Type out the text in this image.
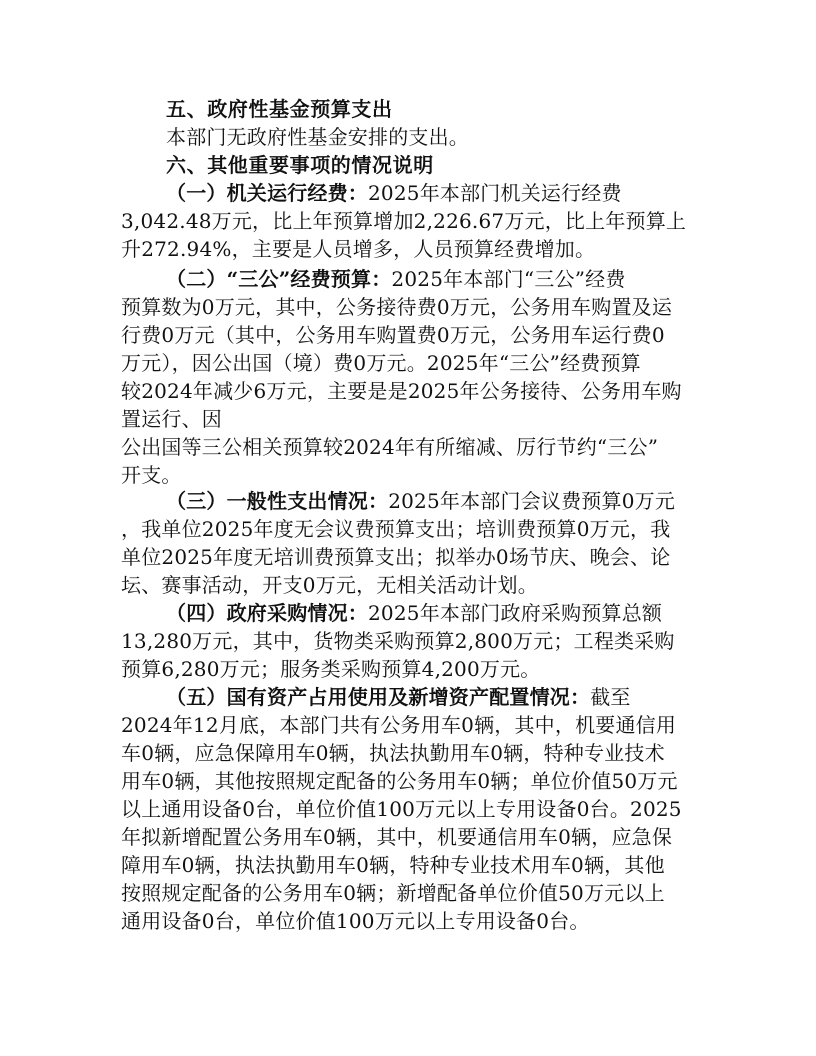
五、政府性基金预算支出
本部门无政府性基金安排的支出。
六、其他重要事项的情况说明
（一）机关运行经费：2025年本部门机关运行经费
3,042.48万元，比上年预算增加2,226.67万元，比上年预算上
升272.94%，主要是人员增多，人员预算经费增加。
（二）“三公”经费预算：2025年本部门“三公”经费
预算数为0万元，其中，公务接待费0万元，公务用车购置及运
行费0万元（其中，公务用车购置费0万元，公务用车运行费0
万元），因公出国（境）费0万元。2025年“三公”经费预算
较2024年减少6万元，主要是是2025年公务接待、公务用车购
置运行、因
公出国等三公相关预算较2024年有所缩减、厉行节约“三公”
开支。
（三）一般性支出情况：2025年本部门会议费预算0万元
，我单位2025年度无会议费预算支出；培训费预算0万元，我
单位2025年度无培训费预算支出；拟举办0场节庆、晚会、论
坛、赛事活动，开支0万元，无相关活动计划。
（四）政府采购情况：2025年本部门政府采购预算总额
13,280万元，其中，货物类采购预算2,800万元；工程类采购
预算6,280万元；服务类采购预算4,200万元。
（五）国有资产占用使用及新增资产配置情况：截至
2024年12月底，本部门共有公务用车0辆，其中，机要通信用
车0辆，应急保障用车0辆，执法执勤用车0辆，特种专业技术
用车0辆，其他按照规定配备的公务用车0辆；单位价值50万元
以上通用设备0台，单位价值100万元以上专用设备0台。2025
年拟新增配置公务用车0辆，其中，机要通信用车0辆，应急保
障用车0辆，执法执勤用车0辆，特种专业技术用车0辆，其他
按照规定配备的公务用车0辆；新增配备单位价值50万元以上
通用设备0台，单位价值100万元以上专用设备0台。
